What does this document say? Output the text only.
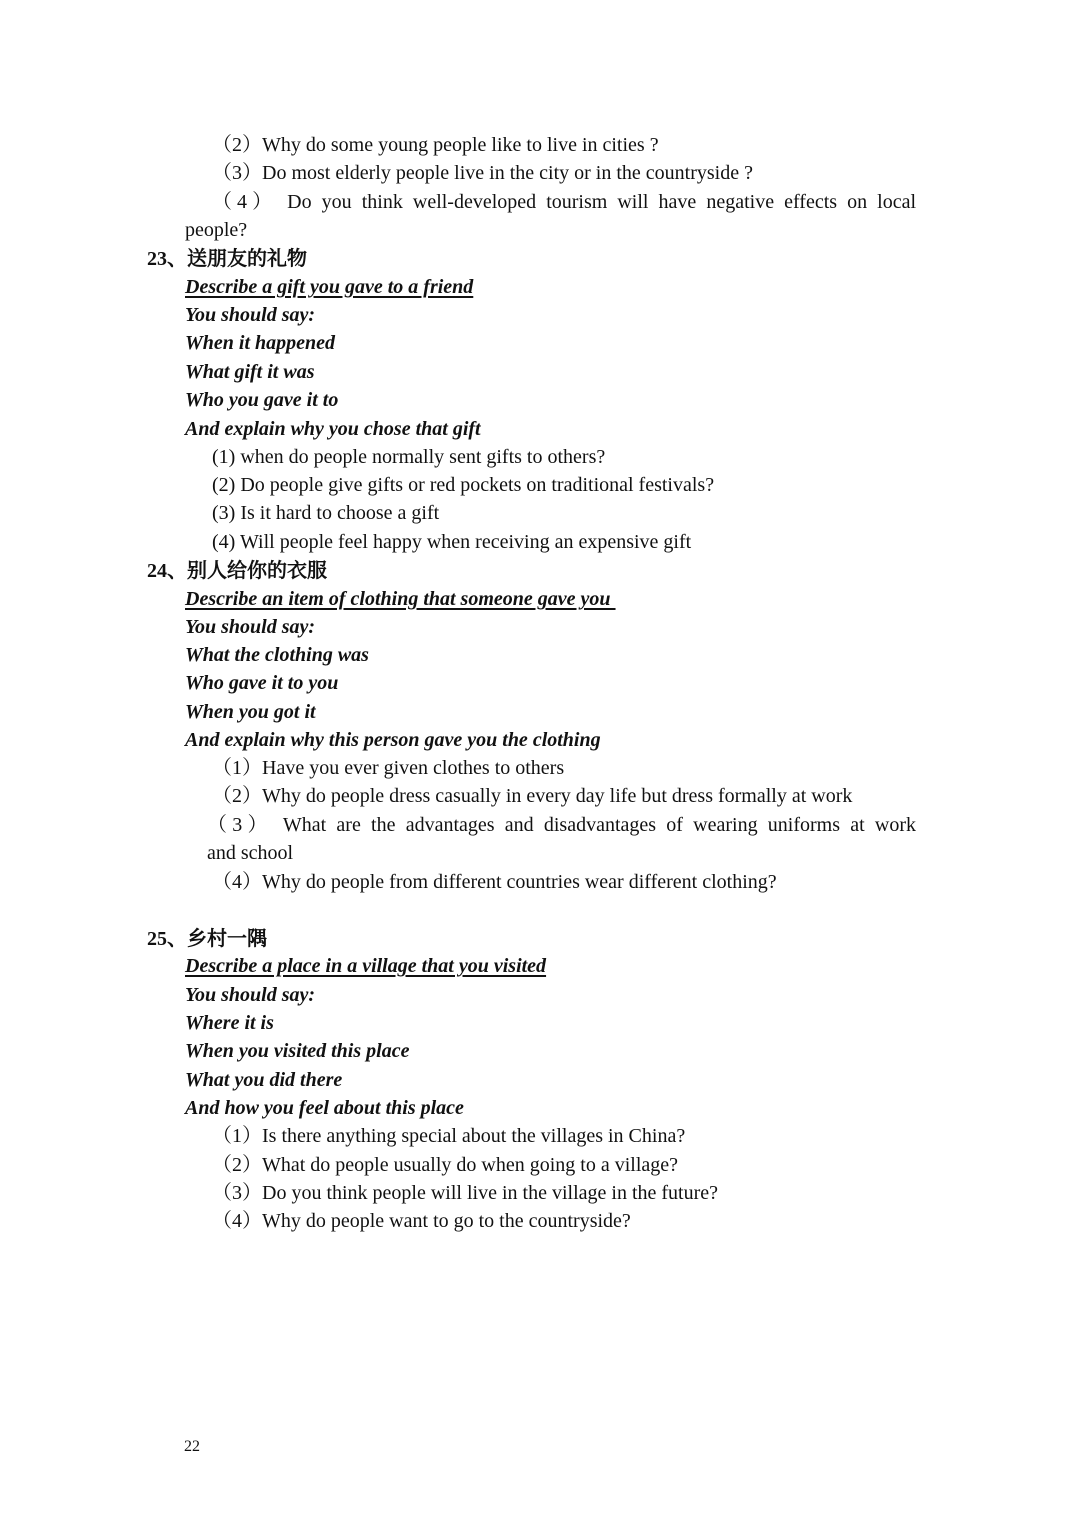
（2）Why do some young people like to live in cities ?
（3）Do most elderly people live in the city or in the countryside ?
（4） Do you think well-developed tourism will have negative effects on local
people?
23、送朋友的礼物
Describe a gift you gave to a friend
You should say:
When it happened
What gift it was
Who you gave it to
And explain why you chose that gift
(1) when do people normally sent gifts to others?
(2) Do people give gifts or red pockets on traditional festivals?
(3) Is it hard to choose a gift
(4) Will people feel happy when receiving an expensive gift
24、别人给你的衣服
Describe an item of clothing that someone gave you
You should say:
What the clothing was
Who gave it to you
When you got it
And explain why this person gave you the clothing
（1）Have you ever given clothes to others
（2）Why do people dress casually in every day life but dress formally at work
（3） What are the advantages and disadvantages of wearing uniforms at work
and school
（4）Why do people from different countries wear different clothing?
25、乡村一隅
Describe a place in a village that you visited
You should say:
Where it is
When you visited this place
What you did there
And how you feel about this place
（1）Is there anything special about the villages in China?
（2）What do people usually do when going to a village?
（3）Do you think people will live in the village in the future?
（4）Why do people want to go to the countryside?
22
